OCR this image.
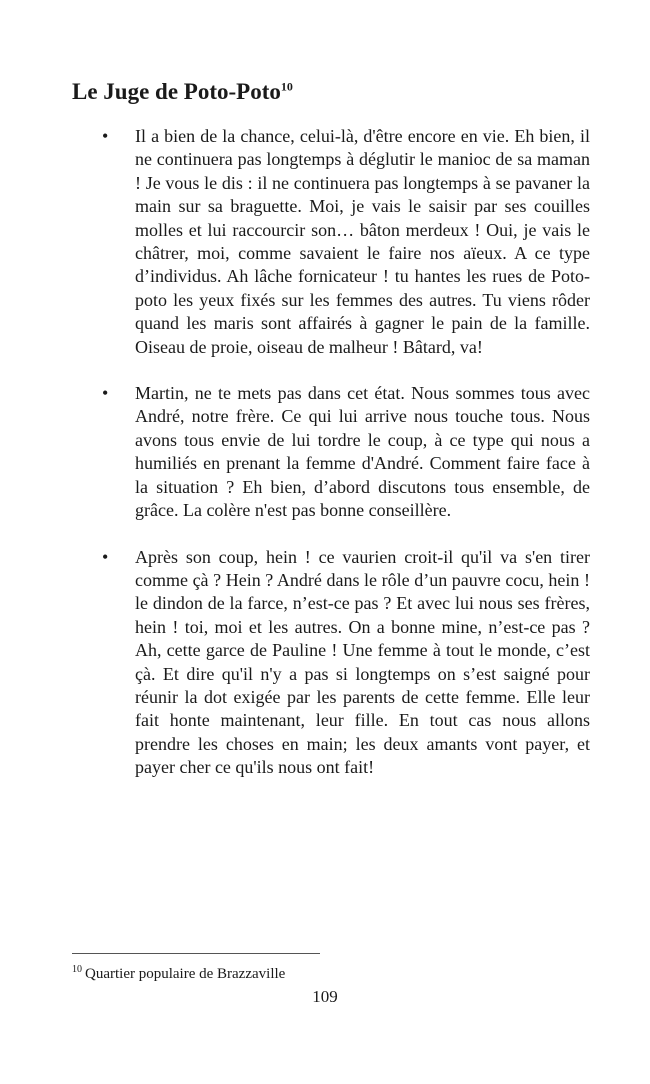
Le Juge de Poto-Poto$^{10}$
• Il a bien de la chance, celui-là, d'être encore en vie. Eh bien, il ne continuera pas longtemps à déglutir le manioc de sa maman ! Je vous le dis : il ne continuera pas longtemps à se pavaner la main sur sa braguette. Moi, je vais le saisir par ses couilles molles et lui raccourcir son… bâton merdeux ! Oui, je vais le châtrer, moi, comme savaient le faire nos aïeux. A ce type d’individus. Ah lâche fornicateur ! tu hantes les rues de Poto-poto les yeux fixés sur les femmes des autres. Tu viens rôder quand les maris sont affairés à gagner le pain de la famille. Oiseau de proie, oiseau de malheur ! Bâtard, va!
• Martin, ne te mets pas dans cet état. Nous sommes tous avec André, notre frère. Ce qui lui arrive nous touche tous. Nous avons tous envie de lui tordre le coup, à ce type qui nous a humiliés en prenant la femme d'André. Comment faire face à la situation ? Eh bien, d’abord discutons tous ensemble, de grâce. La colère n'est pas bonne conseillère.
• Après son coup, hein ! ce vaurien croit-il qu'il va s'en tirer comme çà ? Hein ? André dans le rôle d’un pauvre cocu, hein ! le dindon de la farce, n’est-ce pas ? Et avec lui nous ses frères, hein ! toi, moi et les autres. On a bonne mine, n’est-ce pas ? Ah, cette garce de Pauline ! Une femme à tout le monde, c’est çà. Et dire qu'il n'y a pas si longtemps on s’est saigné pour réunir la dot exigée par les parents de cette femme. Elle leur fait honte maintenant, leur fille. En tout cas nous allons prendre les choses en main; les deux amants vont payer, et payer cher ce qu'ils nous ont fait!
$^{10}$ Quartier populaire de Brazzaville
109
